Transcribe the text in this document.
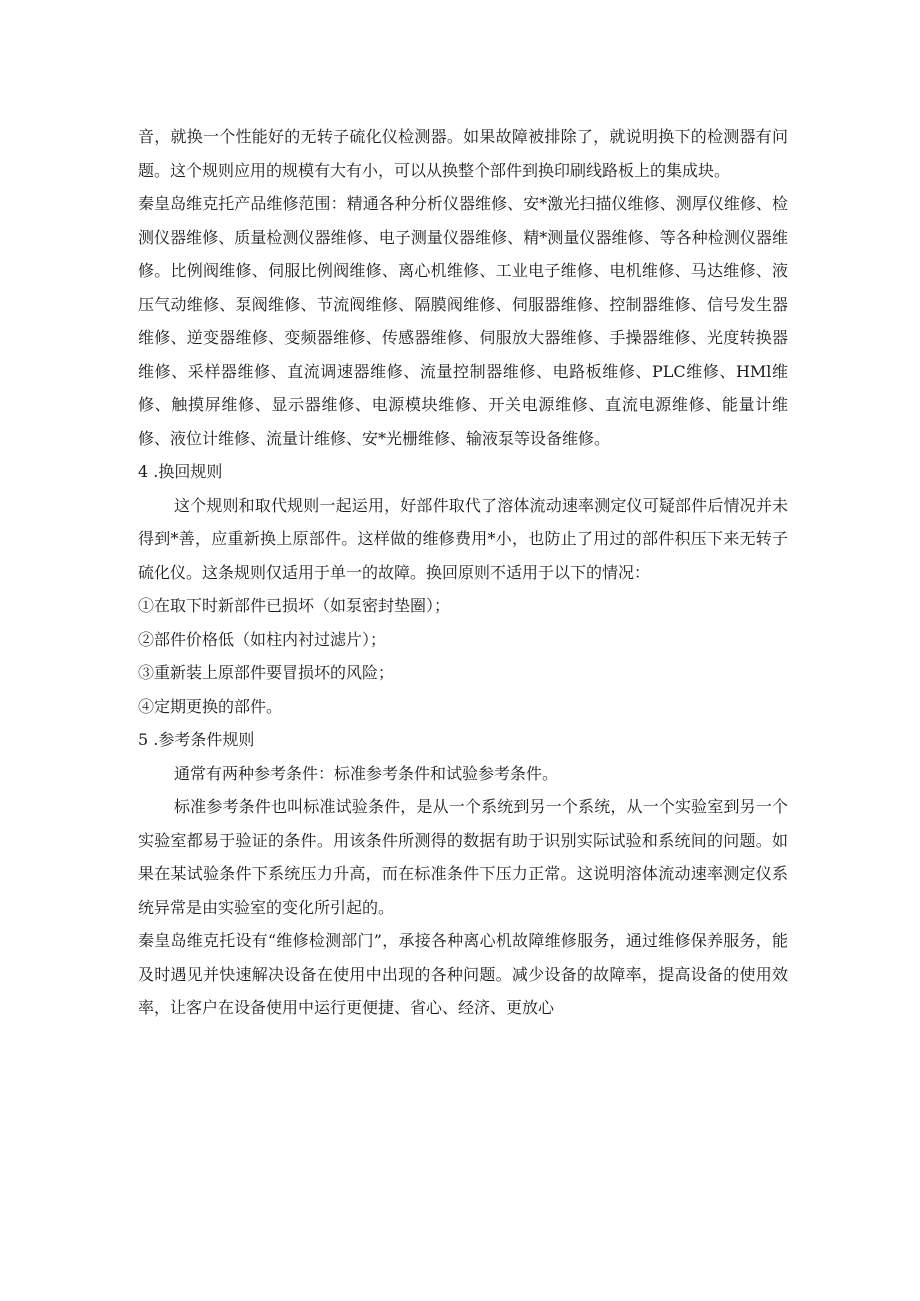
音，就换一个性能好的无转子硫化仪检测器。如果故障被排除了，就说明换下的检测器有问题。这个规则应用的规模有大有小，可以从换整个部件到换印刷线路板上的集成块。

秦皇岛维克托产品维修范围：精通各种分析仪器维修、安*激光扫描仪维修、测厚仪维修、检测仪器维修、质量检测仪器维修、电子测量仪器维修、精*测量仪器维修、等各种检测仪器维修。比例阀维修、伺服比例阀维修、离心机维修、工业电子维修、电机维修、马达维修、液压气动维修、泵阀维修、节流阀维修、隔膜阀维修、伺服器维修、控制器维修、信号发生器维修、逆变器维修、变频器维修、传感器维修、伺服放大器维修、手操器维修、光度转换器维修、采样器维修、直流调速器维修、流量控制器维修、电路板维修、PLC维修、HMl维修、触摸屏维修、显示器维修、电源模块维修、开关电源维修、直流电源维修、能量计维修、液位计维修、流量计维修、安*光栅维修、输液泵等设备维修。

4 .换回规则

这个规则和取代规则一起运用，好部件取代了溶体流动速率测定仪可疑部件后情况并未得到*善，应重新换上原部件。这样做的维修费用*小，也防止了用过的部件积压下来无转子硫化仪。这条规则仅适用于单一的故障。换回原则不适用于以下的情况：

①在取下时新部件已损坏（如泵密封垫圈）；

②部件价格低（如柱内衬过滤片）；

③重新装上原部件要冒损坏的风险；

④定期更换的部件。

5 .参考条件规则

通常有两种参考条件：标准参考条件和试验参考条件。

标准参考条件也叫标准试验条件，是从一个系统到另一个系统，从一个实验室到另一个实验室都易于验证的条件。用该条件所测得的数据有助于识别实际试验和系统间的问题。如果在某试验条件下系统压力升高，而在标准条件下压力正常。这说明溶体流动速率测定仪系统异常是由实验室的变化所引起的。

秦皇岛维克托设有“维修检测部门”，承接各种离心机故障维修服务，通过维修保养服务，能及时遇见并快速解决设备在使用中出现的各种问题。减少设备的故障率，提高设备的使用效率，让客户在设备使用中运行更便捷、省心、经济、更放心
